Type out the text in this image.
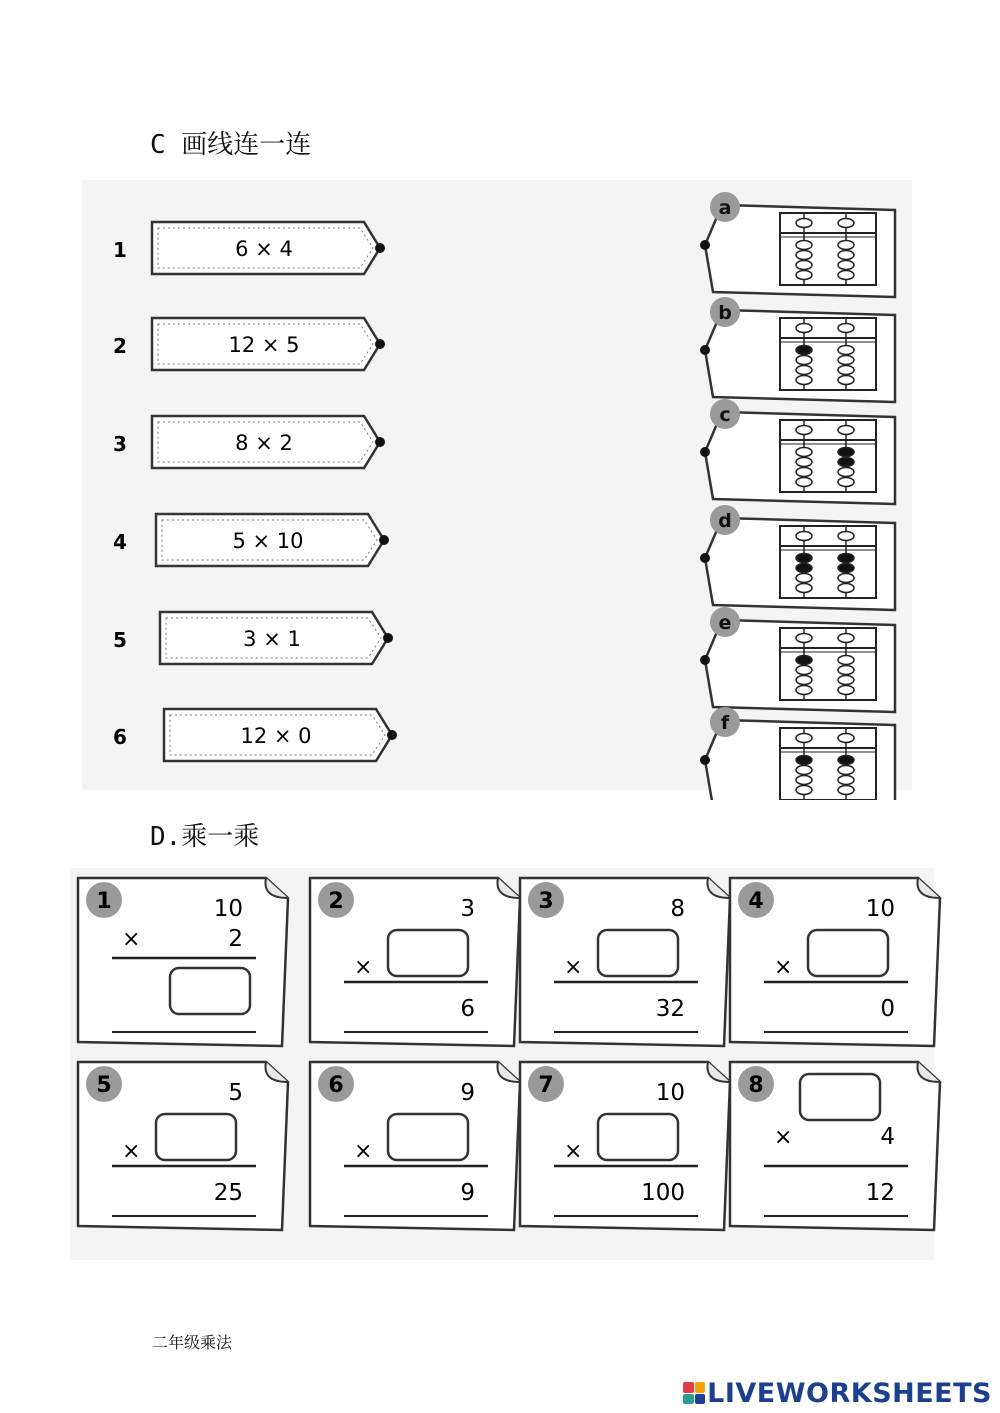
C 画线连一连
1	6 × 4
2	12 × 5
3	8 × 2
4	5 × 10
5	3 × 1
6	12 × 0
a
b
c
d
e
f
D.乘一乘
1	10
×	2
2	3
×
6
3	8
×
32
4	10
×
0
5	5
×
25
6	9
×
9
7	10
×
100
8
×	4
12
二年级乘法
LIVEWORKSHEETS
